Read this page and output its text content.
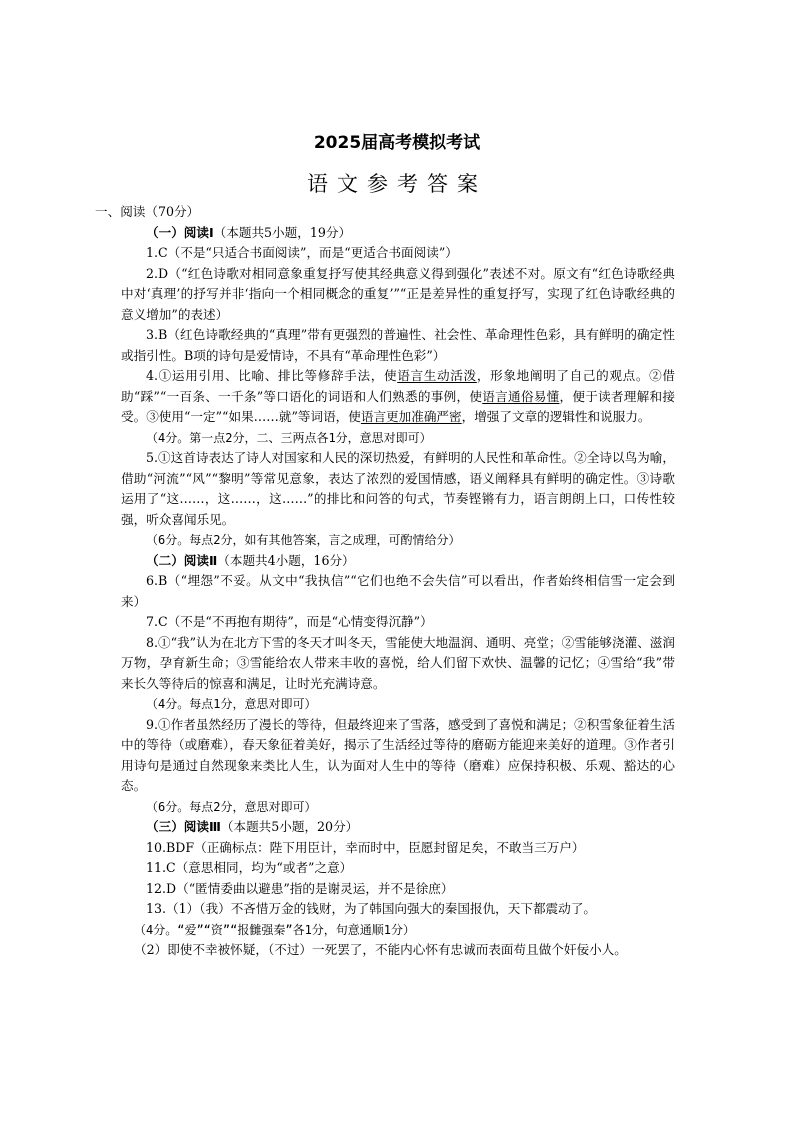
2025届高考模拟考试
语文参考答案

一、阅读（70分）

（一）阅读Ⅰ（本题共5小题，19分）

1.C（不是“只适合书面阅读”，而是“更适合书面阅读”）

2.D（“红色诗歌对相同意象重复抒写使其经典意义得到强化”表述不对。原文有“红色诗歌经典中对‘真理’的抒写并非‘指向一个相同概念的重复’”“正是差异性的重复抒写，实现了红色诗歌经典的意义增加”的表述）

3.B（红色诗歌经典的“真理”带有更强烈的普遍性、社会性、革命理性色彩，具有鲜明的确定性或指引性。B项的诗句是爱情诗，不具有“革命理性色彩”）

4.①运用引用、比喻、排比等修辞手法，使语言生动活泼，形象地阐明了自己的观点。②借助“踩”“一百条、一千条”等口语化的词语和人们熟悉的事例，使语言通俗易懂，便于读者理解和接受。③使用“一定”“如果……就”等词语，使语言更加准确严密，增强了文章的逻辑性和说服力。

（4分。第一点2分，二、三两点各1分，意思对即可）

5.①这首诗表达了诗人对国家和人民的深切热爱，有鲜明的人民性和革命性。②全诗以鸟为喻，借助“河流”“风”“黎明”等常见意象，表达了浓烈的爱国情感，语义阐释具有鲜明的确定性。③诗歌运用了“这……，这……，这……”的排比和问答的句式，节奏铿锵有力，语言朗朗上口，口传性较强，听众喜闻乐见。

（6分。每点2分，如有其他答案，言之成理，可酌情给分）

（二）阅读Ⅱ（本题共4小题，16分）

6.B（“埋怨”不妥。从文中“我执信”“它们也绝不会失信”可以看出，作者始终相信雪一定会到来）

7.C（不是“不再抱有期待”，而是“心情变得沉静”）

8.①“我”认为在北方下雪的冬天才叫冬天，雪能使大地温润、通明、亮堂；②雪能够浇灌、滋润万物，孕育新生命；③雪能给农人带来丰收的喜悦，给人们留下欢快、温馨的记忆；④雪给“我”带来长久等待后的惊喜和满足，让时光充满诗意。

（4分。每点1分，意思对即可）

9.①作者虽然经历了漫长的等待，但最终迎来了雪落，感受到了喜悦和满足；②积雪象征着生活中的等待（或磨难），春天象征着美好，揭示了生活经过等待的磨砺方能迎来美好的道理。③作者引用诗句是通过自然现象来类比人生，认为面对人生中的等待（磨难）应保持积极、乐观、豁达的心态。

（6分。每点2分，意思对即可）

（三）阅读Ⅲ（本题共5小题，20分）

10.BDF（正确标点：陛下用臣计，幸而时中，臣愿封留足矣，不敢当三万户）

11.C（意思相同，均为“或者”之意）

12.D（“匿情委曲以避患”指的是谢灵运，并不是徐庶）

13.（1）（我）不吝惜万金的钱财，为了韩国向强大的秦国报仇，天下都震动了。

（4分。“爱”“资”“报雠强秦”各1分，句意通顺1分）

（2）即使不幸被怀疑，（不过）一死罢了，不能内心怀有忠诚而表面苟且做个奸佞小人。
